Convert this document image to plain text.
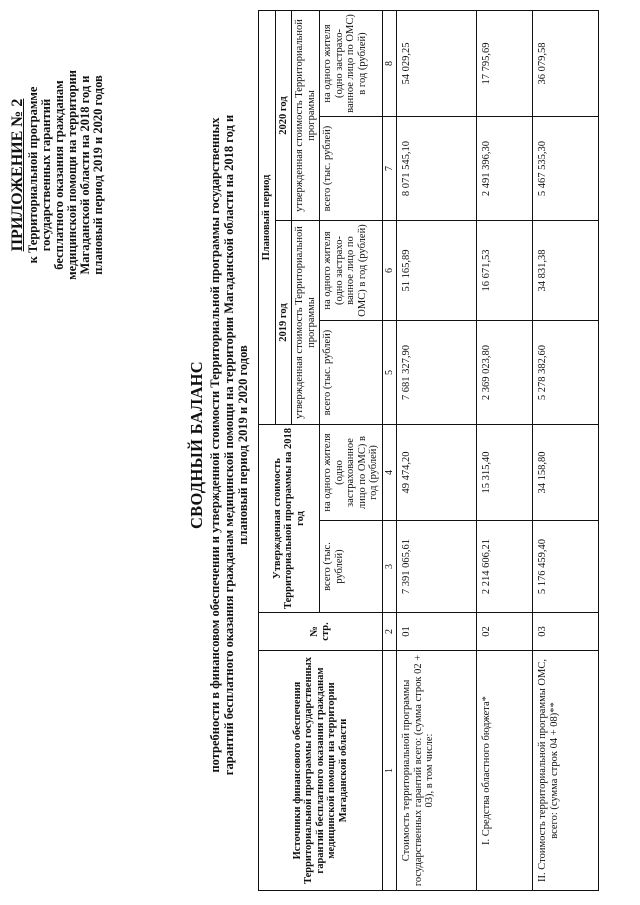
ПРИЛОЖЕНИЕ № 2 к Территориальной программе государственных гарантий бесплатного оказания гражданам медицинской помощи на территории Магаданской области на 2018 год и плановый период 2019 и 2020 годов
СВОДНЫЙ БАЛАНС потребности в финансовом обеспечении и утвержденной стоимости Территориальной программы государственных гарантий бесплатного оказания гражданам медицинской помощи на территории Магаданской области на 2018 год и плановый период 2019 и 2020 годов
Источники финансового обеспечения Территориальной программы государственных гарантий бесплатного оказания гражданам медицинской помощи на территории Магаданской области	№ стр.	Утвержденная стоимость Территориальной программы на 2018 год		Плановый период			
				2019 год		2020 год	
				утвержденная стоимость Территориальной программы		утвержденная стоимость Территориальной программы	
		всего (тыс. рублей)	на одного жителя (одно застрахованное лицо по ОМС) в год (рублей)	всего (тыс. рублей)	на одного жителя (одно застрахо- ванное лицо по ОМС) в год (рублей)	всего (тыс. рублей)	на одного жителя (одно застрахо- ванное лицо по ОМС) в год (рублей)
1	2	3	4	5	6	7	8
Стоимость территориальной программы государственных гарантий всего: (сумма строк 02 + 03), в том числе:	01	7 391 065,61	49 474,20	7 681 327,90	51 165,89	8 071 545,10	54 029,25
I. Средства областного бюджета*	02	2 214 606,21	15 315,40	2 369 023,80	16 671,53	2 491 396,30	17 795,69
II. Стоимость территориальной программы ОМС, всего: (сумма строк 04 + 08)**	03	5 176 459,40	34 158,80	5 278 382,60	34 831,38	5 467 535,30	36 079,58
